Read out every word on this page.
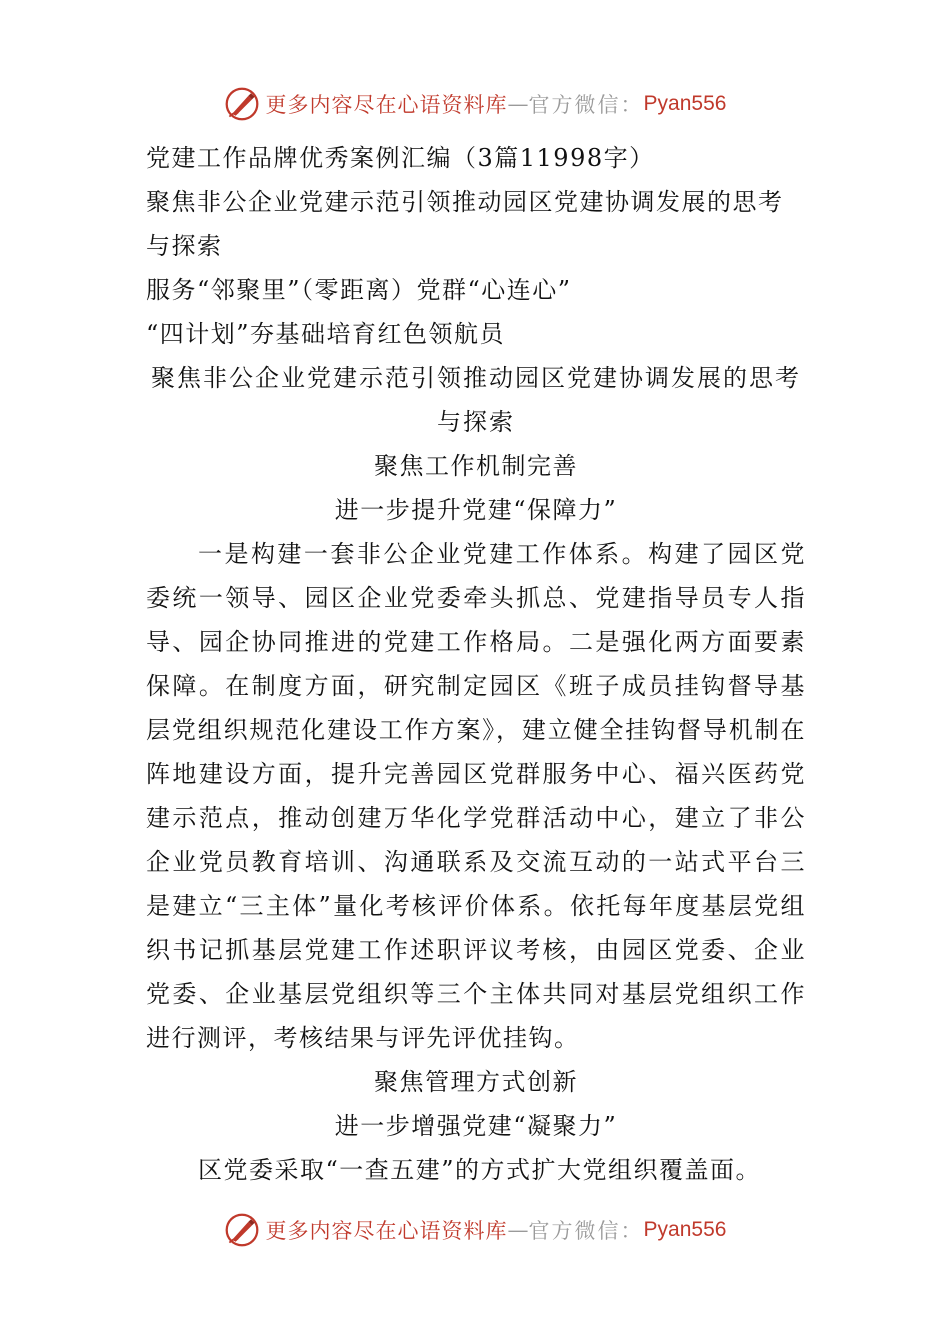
更多内容尽在心语资料库 — 官方微信： Pyan556

党建工作品牌优秀案例汇编（3篇11998字）

聚焦非公企业党建示范引领推动园区党建协调发展的思考与探索

服务“邻聚里”（零距离）党群“心连心”

“四计划”夯基础培育红色领航员

聚焦非公企业党建示范引领推动园区党建协调发展的思考与探索

聚焦工作机制完善

进一步提升党建“保障力”

一是构建一套非公企业党建工作体系。构建了园区党委统一领导、园区企业党委牵头抓总、党建指导员专人指导、园企协同推进的党建工作格局。二是强化两方面要素保障。在制度方面，研究制定园区《班子成员挂钩督导基层党组织规范化建设工作方案》，建立健全挂钩督导机制在阵地建设方面，提升完善园区党群服务中心、福兴医药党建示范点，推动创建万华化学党群活动中心，建立了非公企业党员教育培训、沟通联系及交流互动的一站式平台三是建立“三主体”量化考核评价体系。依托每年度基层党组织书记抓基层党建工作述职评议考核，由园区党委、企业党委、企业基层党组织等三个主体共同对基层党组织工作进行测评，考核结果与评先评优挂钩。

聚焦管理方式创新

进一步增强党建“凝聚力”

区党委采取“一查五建”的方式扩大党组织覆盖面。

更多内容尽在心语资料库 — 官方微信： Pyan556
